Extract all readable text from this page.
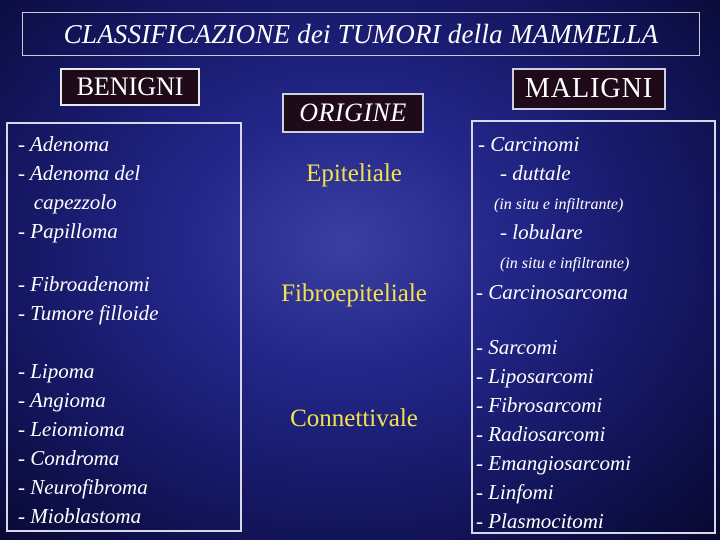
CLASSIFICAZIONE dei TUMORI della MAMMELLA
BENIGNI
ORIGINE
MALIGNI
- Adenoma
- Adenoma del
capezzolo
- Papilloma
- Fibroadenomi
- Tumore filloide
- Lipoma
- Angioma
- Leiomioma
- Condroma
- Neurofibroma
- Mioblastoma
Epiteliale
Fibroepiteliale
Connettivale
- Carcinomi
- duttale
(in situ e infiltrante)
- lobulare
(in situ e infiltrante)
- Carcinosarcoma
- Sarcomi
- Liposarcomi
- Fibrosarcomi
- Radiosarcomi
- Emangiosarcomi
- Linfomi
- Plasmocitomi
